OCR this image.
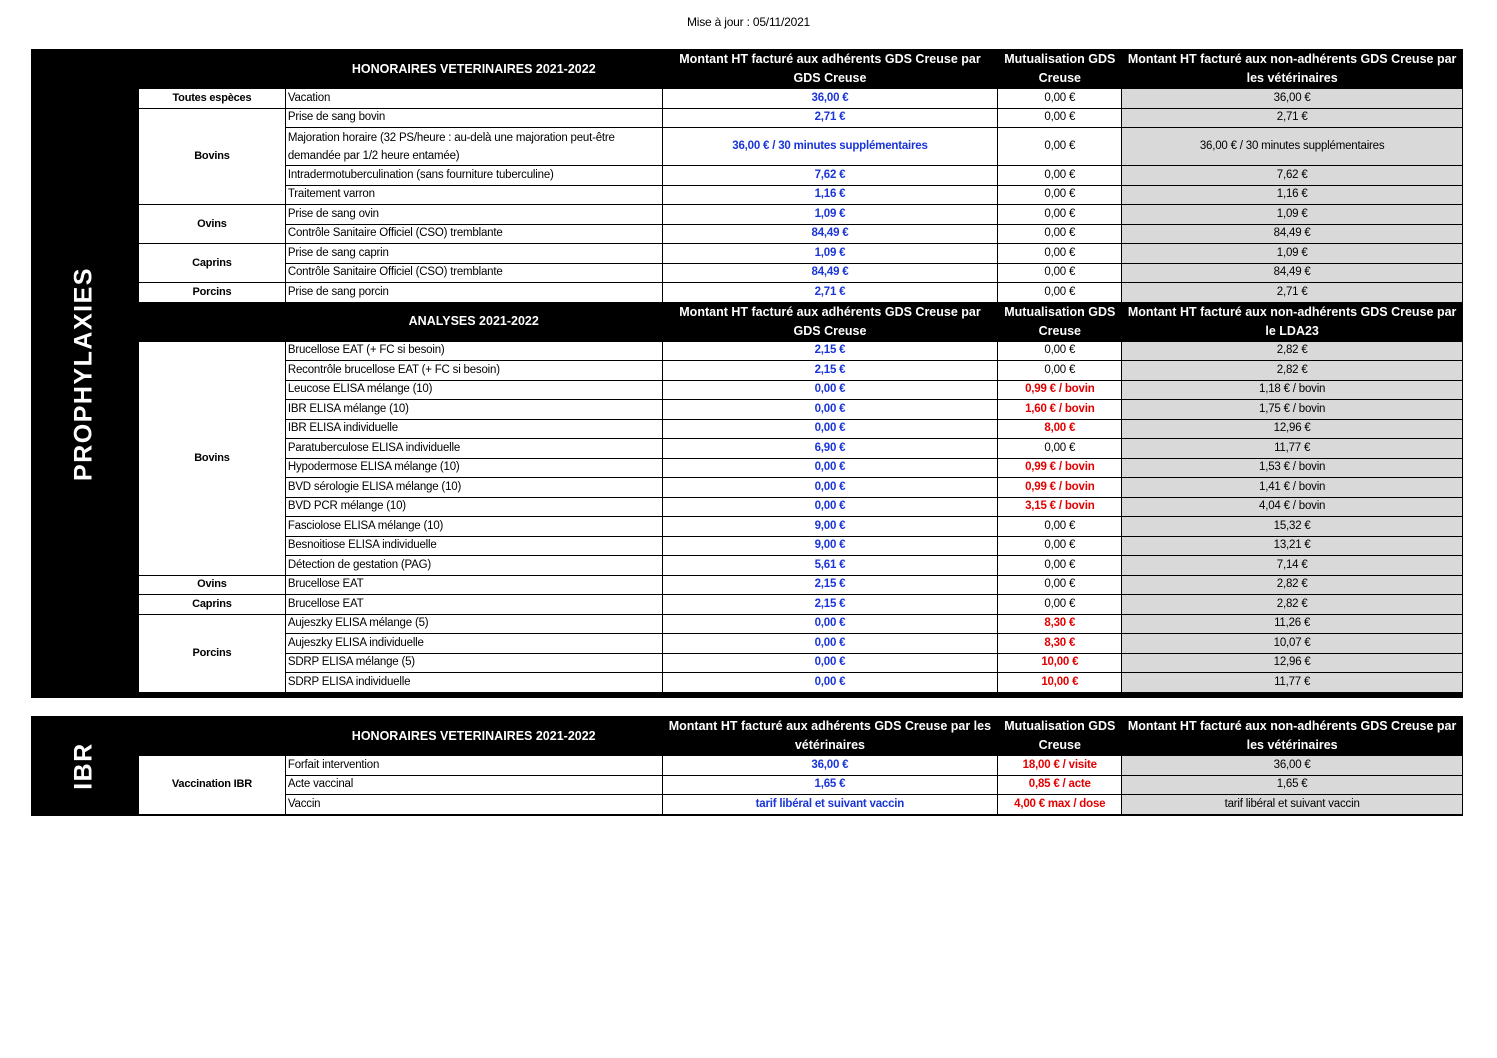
Mise à jour : 05/11/2021
PROPHYLAXIES
	HONORAIRES VETERINAIRES 2021-2022	Montant HT facturé aux adhérents GDS Creuse par GDS Creuse	Mutualisation GDS Creuse	Montant HT facturé aux non-adhérents GDS Creuse par les vétérinaires
Toutes espèces	Vacation	36,00 €	0,00 €	36,00 €
Bovins	Prise de sang bovin	2,71 €	0,00 €	2,71 €
	Majoration horaire (32 PS/heure : au-delà une majoration peut-être demandée par 1/2 heure entamée)	36,00 € / 30 minutes supplémentaires	0,00 €	36,00 € / 30 minutes supplémentaires
	Intradermotuberculination (sans fourniture tuberculine)	7,62 €	0,00 €	7,62 €
	Traitement varron	1,16 €	0,00 €	1,16 €
Ovins	Prise de sang ovin	1,09 €	0,00 €	1,09 €
	Contrôle Sanitaire Officiel (CSO) tremblante	84,49 €	0,00 €	84,49 €
Caprins	Prise de sang caprin	1,09 €	0,00 €	1,09 €
	Contrôle Sanitaire Officiel (CSO) tremblante	84,49 €	0,00 €	84,49 €
Porcins	Prise de sang porcin	2,71 €	0,00 €	2,71 €
	ANALYSES 2021-2022	Montant HT facturé aux adhérents GDS Creuse par GDS Creuse	Mutualisation GDS Creuse	Montant HT facturé aux non-adhérents GDS Creuse par le LDA23
Bovins	Brucellose EAT (+ FC si besoin)	2,15 €	0,00 €	2,82 €
	Recontrôle brucellose EAT (+ FC si besoin)	2,15 €	0,00 €	2,82 €
	Leucose ELISA mélange (10)	0,00 €	0,99 € / bovin	1,18 € / bovin
	IBR ELISA mélange (10)	0,00 €	1,60 € / bovin	1,75 € / bovin
	IBR ELISA individuelle	0,00 €	8,00 €	12,96 €
	Paratuberculose ELISA individuelle	6,90 €	0,00 €	11,77 €
	Hypodermose ELISA mélange (10)	0,00 €	0,99 € / bovin	1,53 € / bovin
	BVD sérologie ELISA mélange (10)	0,00 €	0,99 € / bovin	1,41 € / bovin
	BVD PCR mélange (10)	0,00 €	3,15 € / bovin	4,04 € / bovin
	Fasciolose ELISA mélange (10)	9,00 €	0,00 €	15,32 €
	Besnoitiose ELISA individuelle	9,00 €	0,00 €	13,21 €
	Détection de gestation (PAG)	5,61 €	0,00 €	7,14 €
Ovins	Brucellose EAT	2,15 €	0,00 €	2,82 €
Caprins	Brucellose EAT	2,15 €	0,00 €	2,82 €
Porcins	Aujeszky ELISA mélange (5)	0,00 €	8,30 €	11,26 €
	Aujeszky ELISA individuelle	0,00 €	8,30 €	10,07 €
	SDRP ELISA mélange (5)	0,00 €	10,00 €	12,96 €
	SDRP ELISA individuelle	0,00 €	10,00 €	11,77 €
IBR
	HONORAIRES VETERINAIRES 2021-2022	Montant HT facturé aux adhérents GDS Creuse par les vétérinaires	Mutualisation GDS Creuse	Montant HT facturé aux non-adhérents GDS Creuse par les vétérinaires
Vaccination IBR	Forfait intervention	36,00 €	18,00 € / visite	36,00 €
	Acte vaccinal	1,65 €	0,85 € / acte	1,65 €
	Vaccin	tarif libéral et suivant vaccin	4,00 € max / dose	tarif libéral et suivant vaccin
